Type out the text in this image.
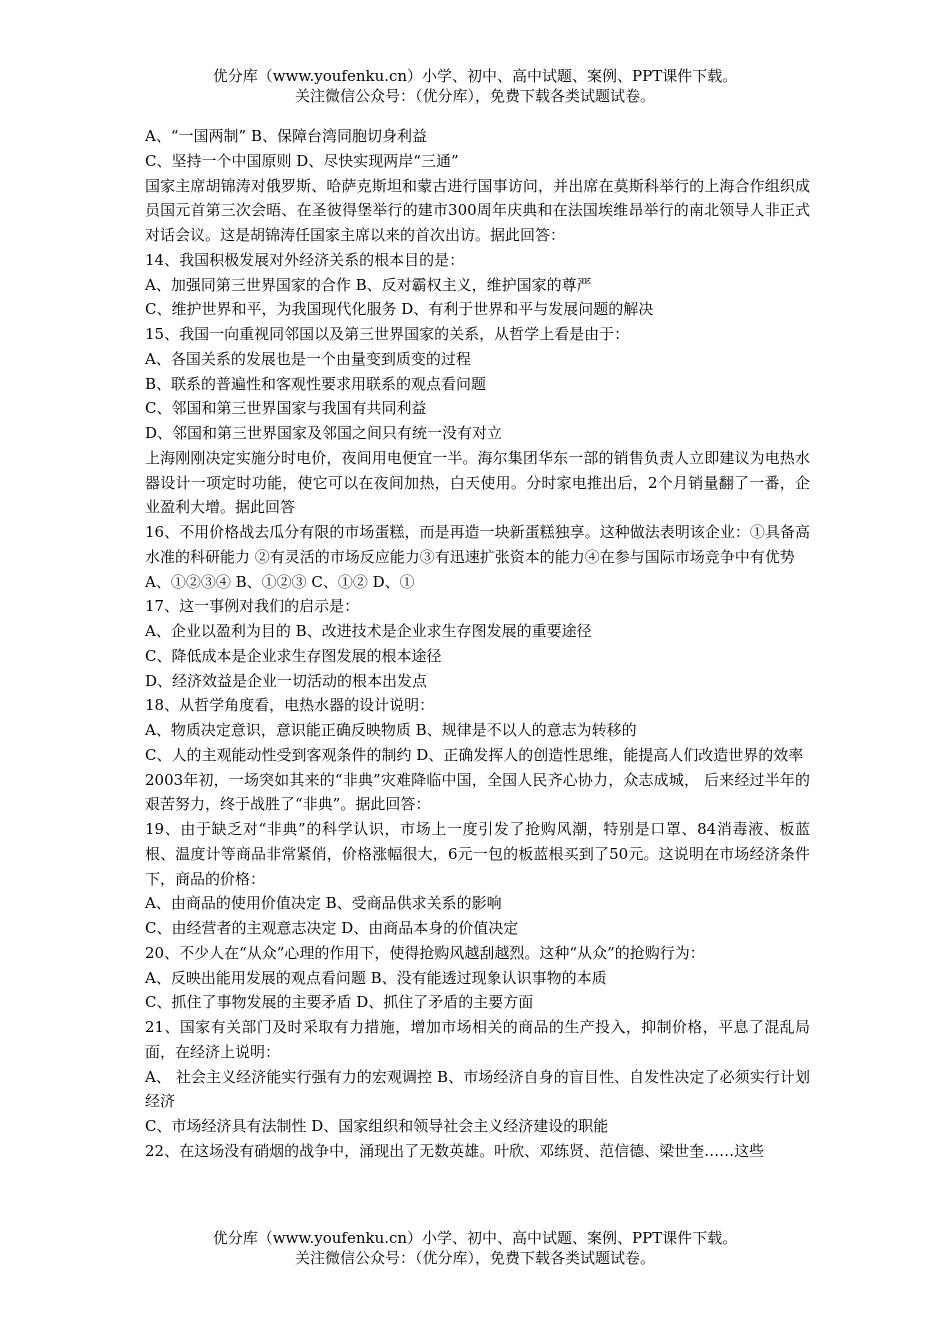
优分库（www.youfenku.cn）小学、初中、高中试题、案例、PPT课件下载。
关注微信公众号：（优分库），免费下载各类试题试卷。

A、“一国两制” B、保障台湾同胞切身利益

C、坚持一个中国原则 D、尽快实现两岸“三通”

国家主席胡锦涛对俄罗斯、哈萨克斯坦和蒙古进行国事访问，并出席在莫斯科举行的上海合作组织成员国元首第三次会晤、在圣彼得堡举行的建市300周年庆典和在法国埃维昂举行的南北领导人非正式对话会议。这是胡锦涛任国家主席以来的首次出访。据此回答：

14、我国积极发展对外经济关系的根本目的是：

A、加强同第三世界国家的合作 B、反对霸权主义，维护国家的尊严

C、维护世界和平，为我国现代化服务 D、有利于世界和平与发展问题的解决

15、我国一向重视同邻国以及第三世界国家的关系，从哲学上看是由于：

A、各国关系的发展也是一个由量变到质变的过程

B、联系的普遍性和客观性要求用联系的观点看问题

C、邻国和第三世界国家与我国有共同利益

D、邻国和第三世界国家及邻国之间只有统一没有对立

上海刚刚决定实施分时电价，夜间用电便宜一半。海尔集团华东一部的销售负责人立即建议为电热水器设计一项定时功能，使它可以在夜间加热，白天使用。分时家电推出后，2个月销量翻了一番，企业盈利大增。据此回答

16、不用价格战去瓜分有限的市场蛋糕，而是再造一块新蛋糕独享。这种做法表明该企业：①具备高水准的科研能力 ②有灵活的市场反应能力③有迅速扩张资本的能力④在参与国际市场竞争中有优势

A、①②③④ B、①②③ C、①② D、①

17、这一事例对我们的启示是：

A、企业以盈利为目的 B、改进技术是企业求生存图发展的重要途径

C、降低成本是企业求生存图发展的根本途径

D、经济效益是企业一切活动的根本出发点

18、从哲学角度看，电热水器的设计说明：

A、物质决定意识，意识能正确反映物质 B、规律是不以人的意志为转移的

C、人的主观能动性受到客观条件的制约 D、正确发挥人的创造性思维，能提高人们改造世界的效率

2003年初，一场突如其来的“非典”灾难降临中国，全国人民齐心协力，众志成城， 后来经过半年的艰苦努力，终于战胜了“非典”。据此回答：

19、由于缺乏对“非典”的科学认识，市场上一度引发了抢购风潮，特别是口罩、84消毒液、板蓝根、温度计等商品非常紧俏，价格涨幅很大，6元一包的板蓝根买到了50元。这说明在市场经济条件下，商品的价格：

A、由商品的使用价值决定 B、受商品供求关系的影响

C、由经营者的主观意志决定 D、由商品本身的价值决定

20、不少人在“从众”心理的作用下，使得抢购风越刮越烈。这种“从众”的抢购行为：

A、反映出能用发展的观点看问题 B、没有能透过现象认识事物的本质

C、抓住了事物发展的主要矛盾 D、抓住了矛盾的主要方面

21、国家有关部门及时采取有力措施，增加市场相关的商品的生产投入，抑制价格，平息了混乱局面，在经济上说明：

A、 社会主义经济能实行强有力的宏观调控 B、市场经济自身的盲目性、自发性决定了必须实行计划经济

C、市场经济具有法制性 D、国家组织和领导社会主义经济建设的职能

22、在这场没有硝烟的战争中，涌现出了无数英雄。叶欣、邓练贤、范信德、梁世奎……这些

优分库（www.youfenku.cn）小学、初中、高中试题、案例、PPT课件下载。
关注微信公众号：（优分库），免费下载各类试题试卷。
